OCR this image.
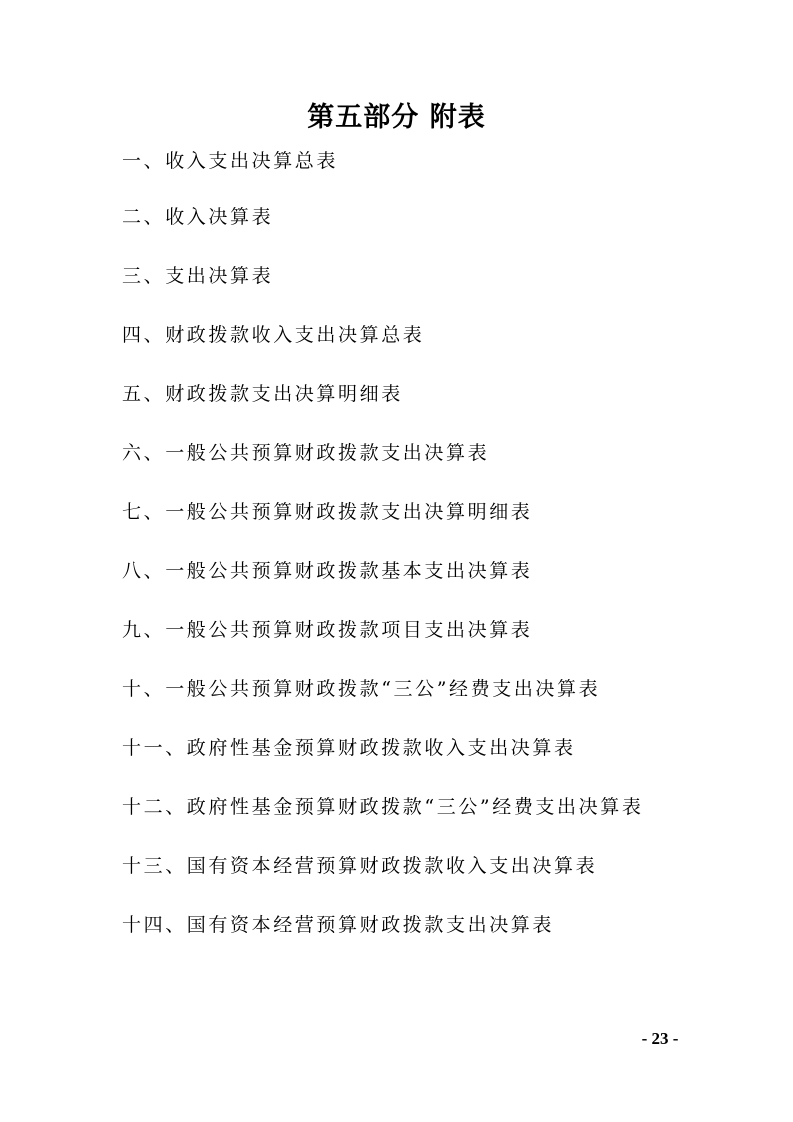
第五部分 附表
一、收入支出决算总表
二、收入决算表
三、支出决算表
四、财政拨款收入支出决算总表
五、财政拨款支出决算明细表
六、一般公共预算财政拨款支出决算表
七、一般公共预算财政拨款支出决算明细表
八、一般公共预算财政拨款基本支出决算表
九、一般公共预算财政拨款项目支出决算表
十、一般公共预算财政拨款“三公”经费支出决算表
十一、政府性基金预算财政拨款收入支出决算表
十二、政府性基金预算财政拨款“三公”经费支出决算表
十三、国有资本经营预算财政拨款收入支出决算表
十四、国有资本经营预算财政拨款支出决算表
- 23 -
